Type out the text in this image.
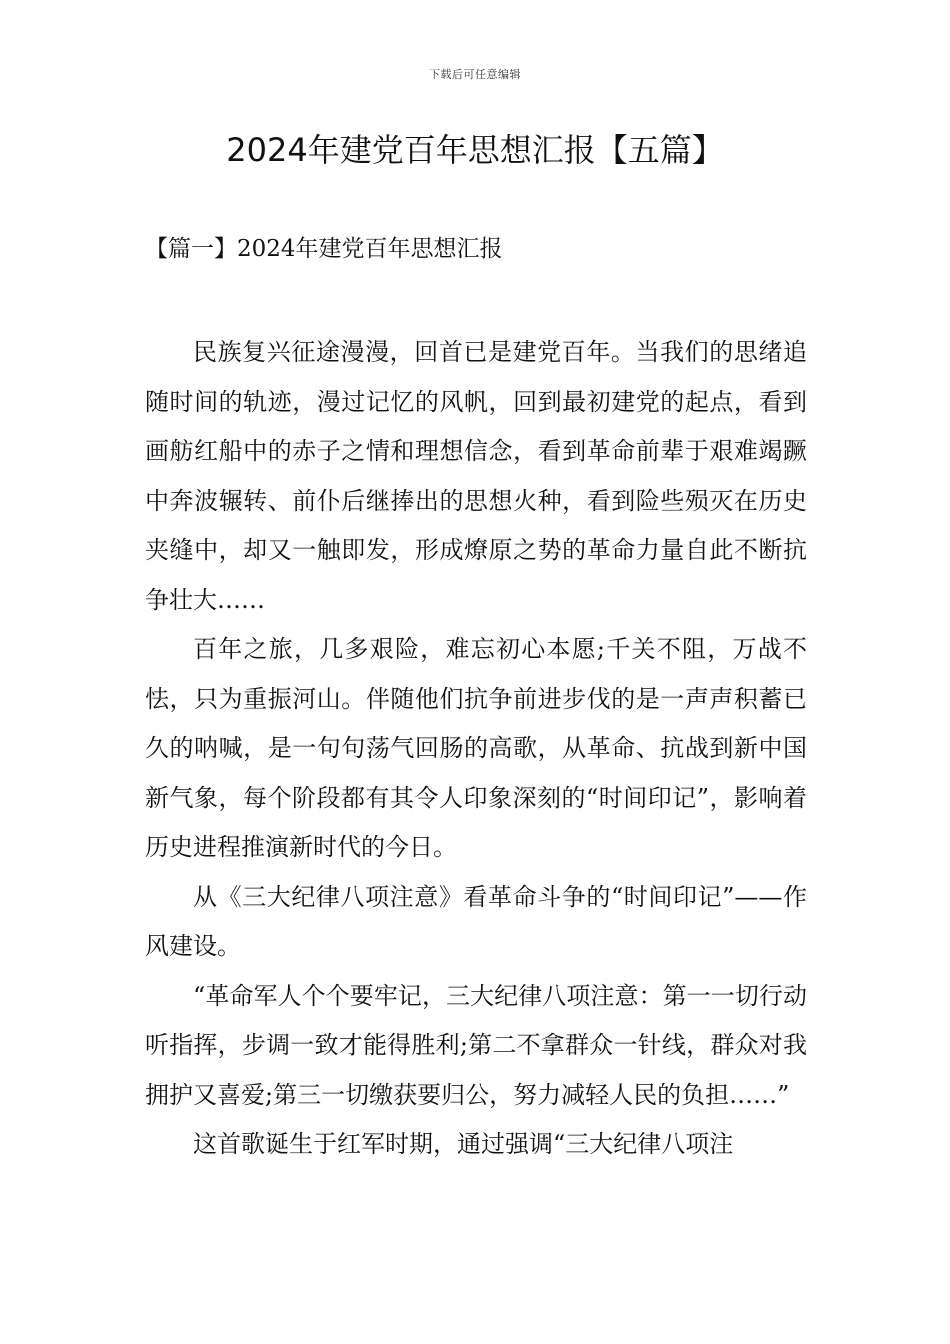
下载后可任意编辑
2024年建党百年思想汇报【五篇】
【篇一】2024年建党百年思想汇报

民族复兴征途漫漫，回首已是建党百年。当我们的思绪追随时间的轨迹，漫过记忆的风帆，回到最初建党的起点，看到画舫红船中的赤子之情和理想信念，看到革命前辈于艰难竭蹶中奔波辗转、前仆后继捧出的思想火种，看到险些殒灭在历史夹缝中，却又一触即发，形成燎原之势的革命力量自此不断抗争壮大……

百年之旅，几多艰险，难忘初心本愿;千关不阻，万战不怯，只为重振河山。伴随他们抗争前进步伐的是一声声积蓄已久的呐喊，是一句句荡气回肠的高歌，从革命、抗战到新中国新气象，每个阶段都有其令人印象深刻的“时间印记”，影响着历史进程推演新时代的今日。

从《三大纪律八项注意》看革命斗争的“时间印记”——作风建设。

“革命军人个个要牢记，三大纪律八项注意：第一一切行动听指挥，步调一致才能得胜利;第二不拿群众一针线，群众对我拥护又喜爱;第三一切缴获要归公，努力减轻人民的负担……”

这首歌诞生于红军时期，通过强调“三大纪律八项注
